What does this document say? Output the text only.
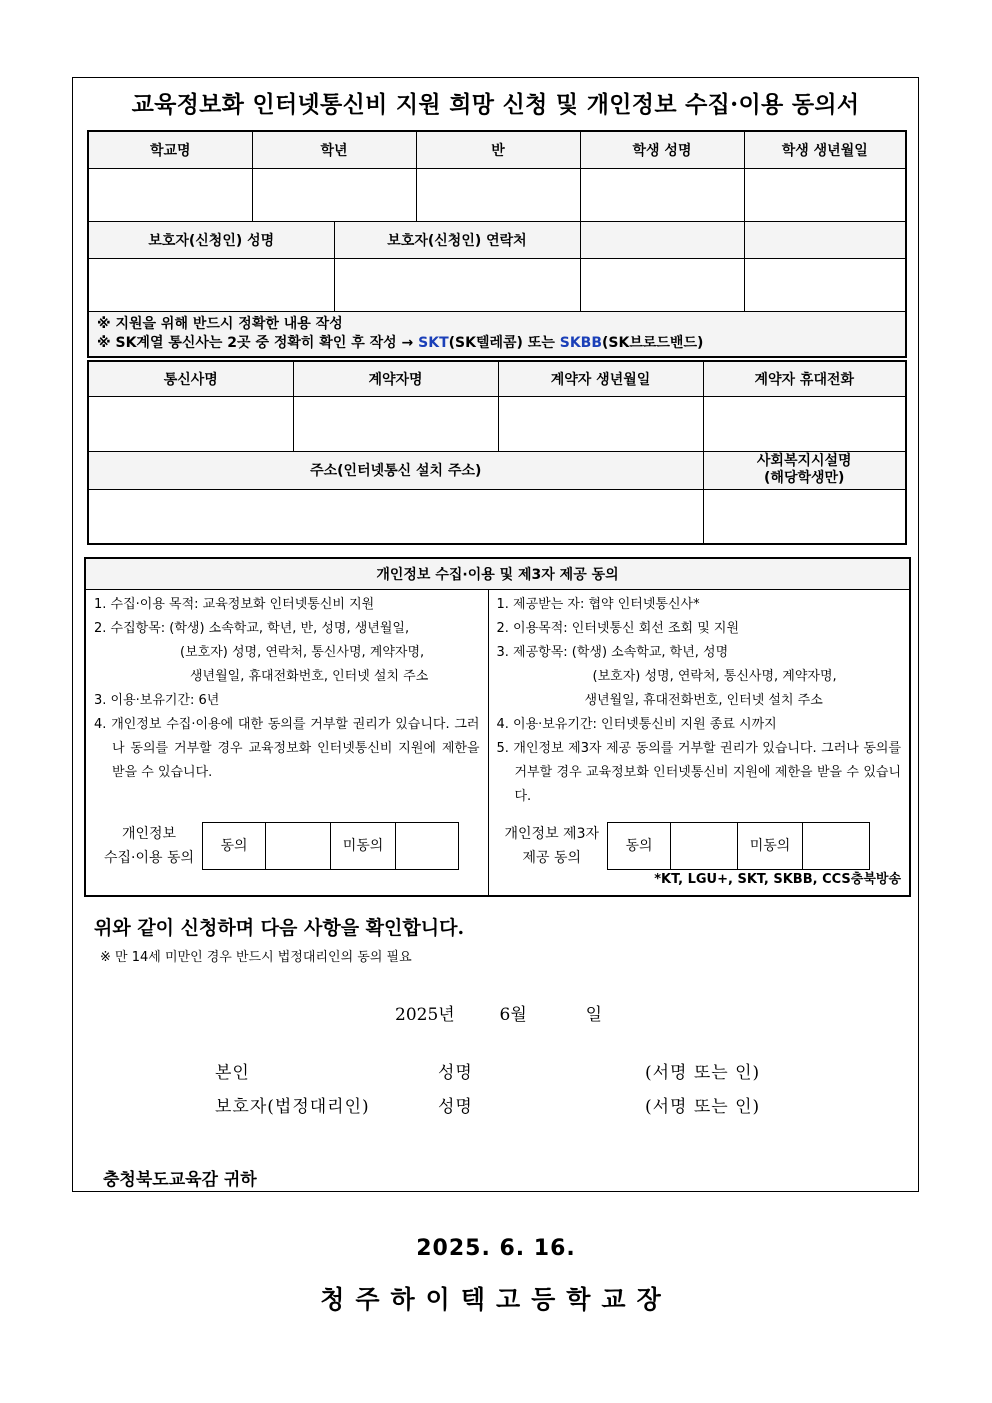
교육정보화 인터넷통신비 지원 희망 신청 및 개인정보 수집·이용 동의서
학교명	학년		반	학생 성명	학생 생년월일

보호자(신청인) 성명		보호자(신청인) 연락처			

※ 지원을 위해 반드시 정확한 내용 작성
※ SK계열 통신사는 2곳 중 정확히 확인 후 작성 → SKT(SK텔레콤) 또는 SKBB(SK브로드밴드)					
통신사명	계약자명	계약자 생년월일	계약자 휴대전화

주소(인터넷통신 설치 주소)			사회복지시설명
(해당학생만)

개인정보 수집·이용 및 제3자 제공 동의

1. 수집·이용 목적: 교육정보화 인터넷통신비 지원

2. 수집항목: (학생) 소속학교, 학년, 반, 성명, 생년월일,

(보호자) 성명, 연락처, 통신사명, 계약자명,

생년월일, 휴대전화번호, 인터넷 설치 주소

3. 이용·보유기간: 6년

4. 개인정보 수집·이용에 대한 동의를 거부할 권리가 있습니다. 그러나 동의를 거부할 경우 교육정보화 인터넷통신비 지원에 제한을 받을 수 있습니다.

개인정보
수집·이용 동의
동의	미동의

1. 제공받는 자: 협약 인터넷통신사*

2. 이용목적: 인터넷통신 회선 조회 및 지원

3. 제공항목: (학생) 소속학교, 학년, 성명

(보호자) 성명, 연락처, 통신사명, 계약자명,

생년월일, 휴대전화번호, 인터넷 설치 주소

4. 이용·보유기간: 인터넷통신비 지원 종료 시까지

5. 개인정보 제3자 제공 동의를 거부할 권리가 있습니다. 그러나 동의를 거부할 경우 교육정보화 인터넷통신비 지원에 제한을 받을 수 있습니다.

개인정보 제3자
제공 동의
동의	미동의
*KT, LGU+, SKT, SKBB, CCS충북방송
위와 같이 신청하며 다음 사항을 확인합니다.
※ 만 14세 미만인 경우 반드시 법정대리인의 동의 필요
2025년	6월	일
본인	성명	(서명 또는 인)
보호자(법정대리인)	성명	(서명 또는 인)
충청북도교육감 귀하
2025. 6. 16.
청주하이텍고등학교장
